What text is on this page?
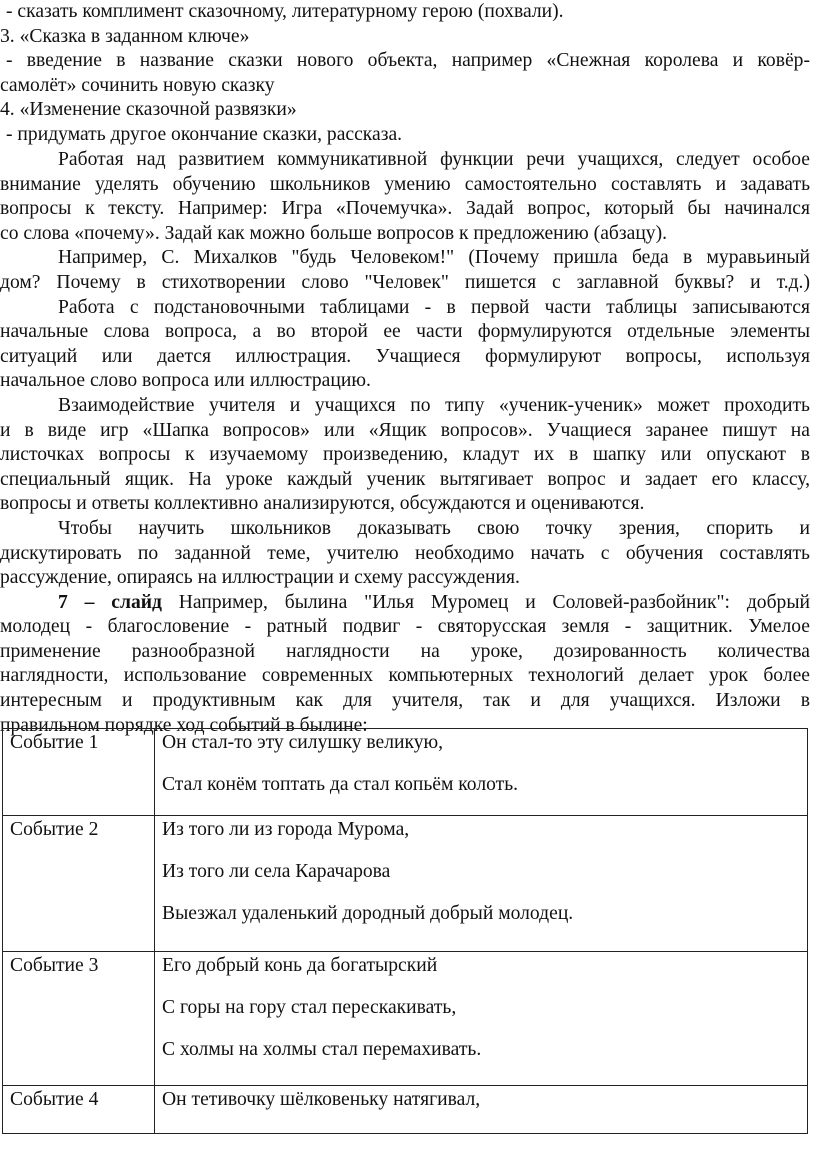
- сказать комплимент сказочному, литературному герою (похвали).
3. «Сказка в заданном ключе»
- введение в название сказки нового объекта, например «Снежная королева и ковёр-
самолёт» сочинить новую сказку
4. «Изменение сказочной развязки»
- придумать другое окончание сказки, рассказа.
Работая над развитием коммуникативной функции речи учащихся, следует особое
внимание уделять обучению школьников умению самостоятельно составлять и задавать
вопросы к тексту. Например: Игра «Почемучка». Задай вопрос, который бы начинался
со слова «почему». Задай как можно больше вопросов к предложению (абзацу).
Например, С. Михалков "будь Человеком!" (Почему пришла беда в муравьиный
дом? Почему в стихотворении слово "Человек" пишется с заглавной буквы? и т.д.)
Работа с подстановочными таблицами - в первой части таблицы записываются
начальные слова вопроса, а во второй ее части формулируются отдельные элементы
ситуаций или дается иллюстрация. Учащиеся формулируют вопросы, используя
начальное слово вопроса или иллюстрацию.
Взаимодействие учителя и учащихся по типу «ученик-ученик» может проходить
и в виде игр «Шапка вопросов» или «Ящик вопросов». Учащиеся заранее пишут на
листочках вопросы к изучаемому произведению, кладут их в шапку или опускают в
специальный ящик. На уроке каждый ученик вытягивает вопрос и задает его классу,
вопросы и ответы коллективно анализируются, обсуждаются и оцениваются.
Чтобы научить школьников доказывать свою точку зрения, спорить и
дискутировать по заданной теме, учителю необходимо начать с обучения составлять
рассуждение, опираясь на иллюстрации и схему рассуждения.
7 – слайд Например, былина "Илья Муромец и Соловей-разбойник": добрый
молодец - благословение - ратный подвиг - святорусская земля - защитник. Умелое
применение разнообразной наглядности на уроке, дозированность количества
наглядности, использование современных компьютерных технологий делает урок более
интересным и продуктивным как для учителя, так и для учащихся. Изложи в
правильном порядке ход событий в былине:
Событие 1	Он стал-то эту силушку великую,

Стал конём топтать да стал копьём колоть.

Событие 2	Из того ли из города Мурома,

Из того ли села Карачарова

Выезжал удаленький дородный добрый молодец.

Событие 3	Его добрый конь да богатырский

С горы на гору стал перескакивать,

С холмы на холмы стал перемахивать.

Событие 4	Он тетивочку шёлковеньку натягивал,
